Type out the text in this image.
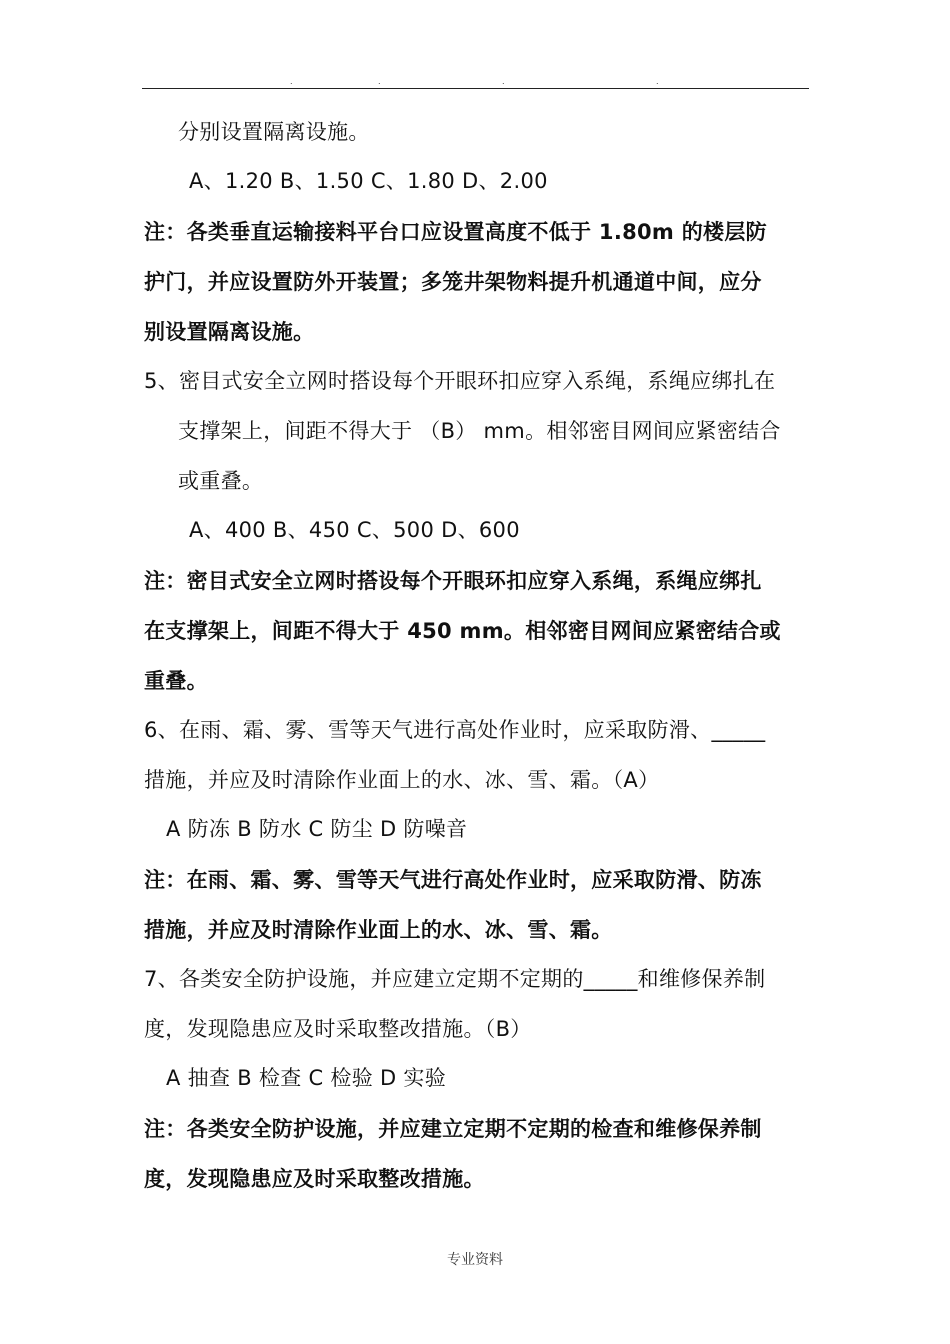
.	.	.	.
分别设置隔离设施。
A、1.20 B、1.50 C、1.80 D、2.00
注：各类垂直运输接料平台口应设置高度不低于 1.80m 的楼层防
护门，并应设置防外开装置；多笼井架物料提升机通道中间，应分
别设置隔离设施。
5、密目式安全立网时搭设每个开眼环扣应穿入系绳，系绳应绑扎在
支撑架上，间距不得大于 （B） mm。相邻密目网间应紧密结合
或重叠。
A、400 B、450 C、500 D、600
注：密目式安全立网时搭设每个开眼环扣应穿入系绳，系绳应绑扎
在支撑架上，间距不得大于 450 mm。相邻密目网间应紧密结合或
重叠。
6、在雨、霜、雾、雪等天气进行高处作业时，应采取防滑、_____
措施，并应及时清除作业面上的水、冰、雪、霜。（A）
A 防冻 B 防水 C 防尘 D 防噪音
注：在雨、霜、雾、雪等天气进行高处作业时，应采取防滑、防冻
措施，并应及时清除作业面上的水、冰、雪、霜。
7、各类安全防护设施，并应建立定期不定期的_____和维修保养制
度，发现隐患应及时采取整改措施。（B）
A 抽查 B 检查 C 检验 D 实验
注：各类安全防护设施，并应建立定期不定期的检查和维修保养制
度，发现隐患应及时采取整改措施。
专业资料
